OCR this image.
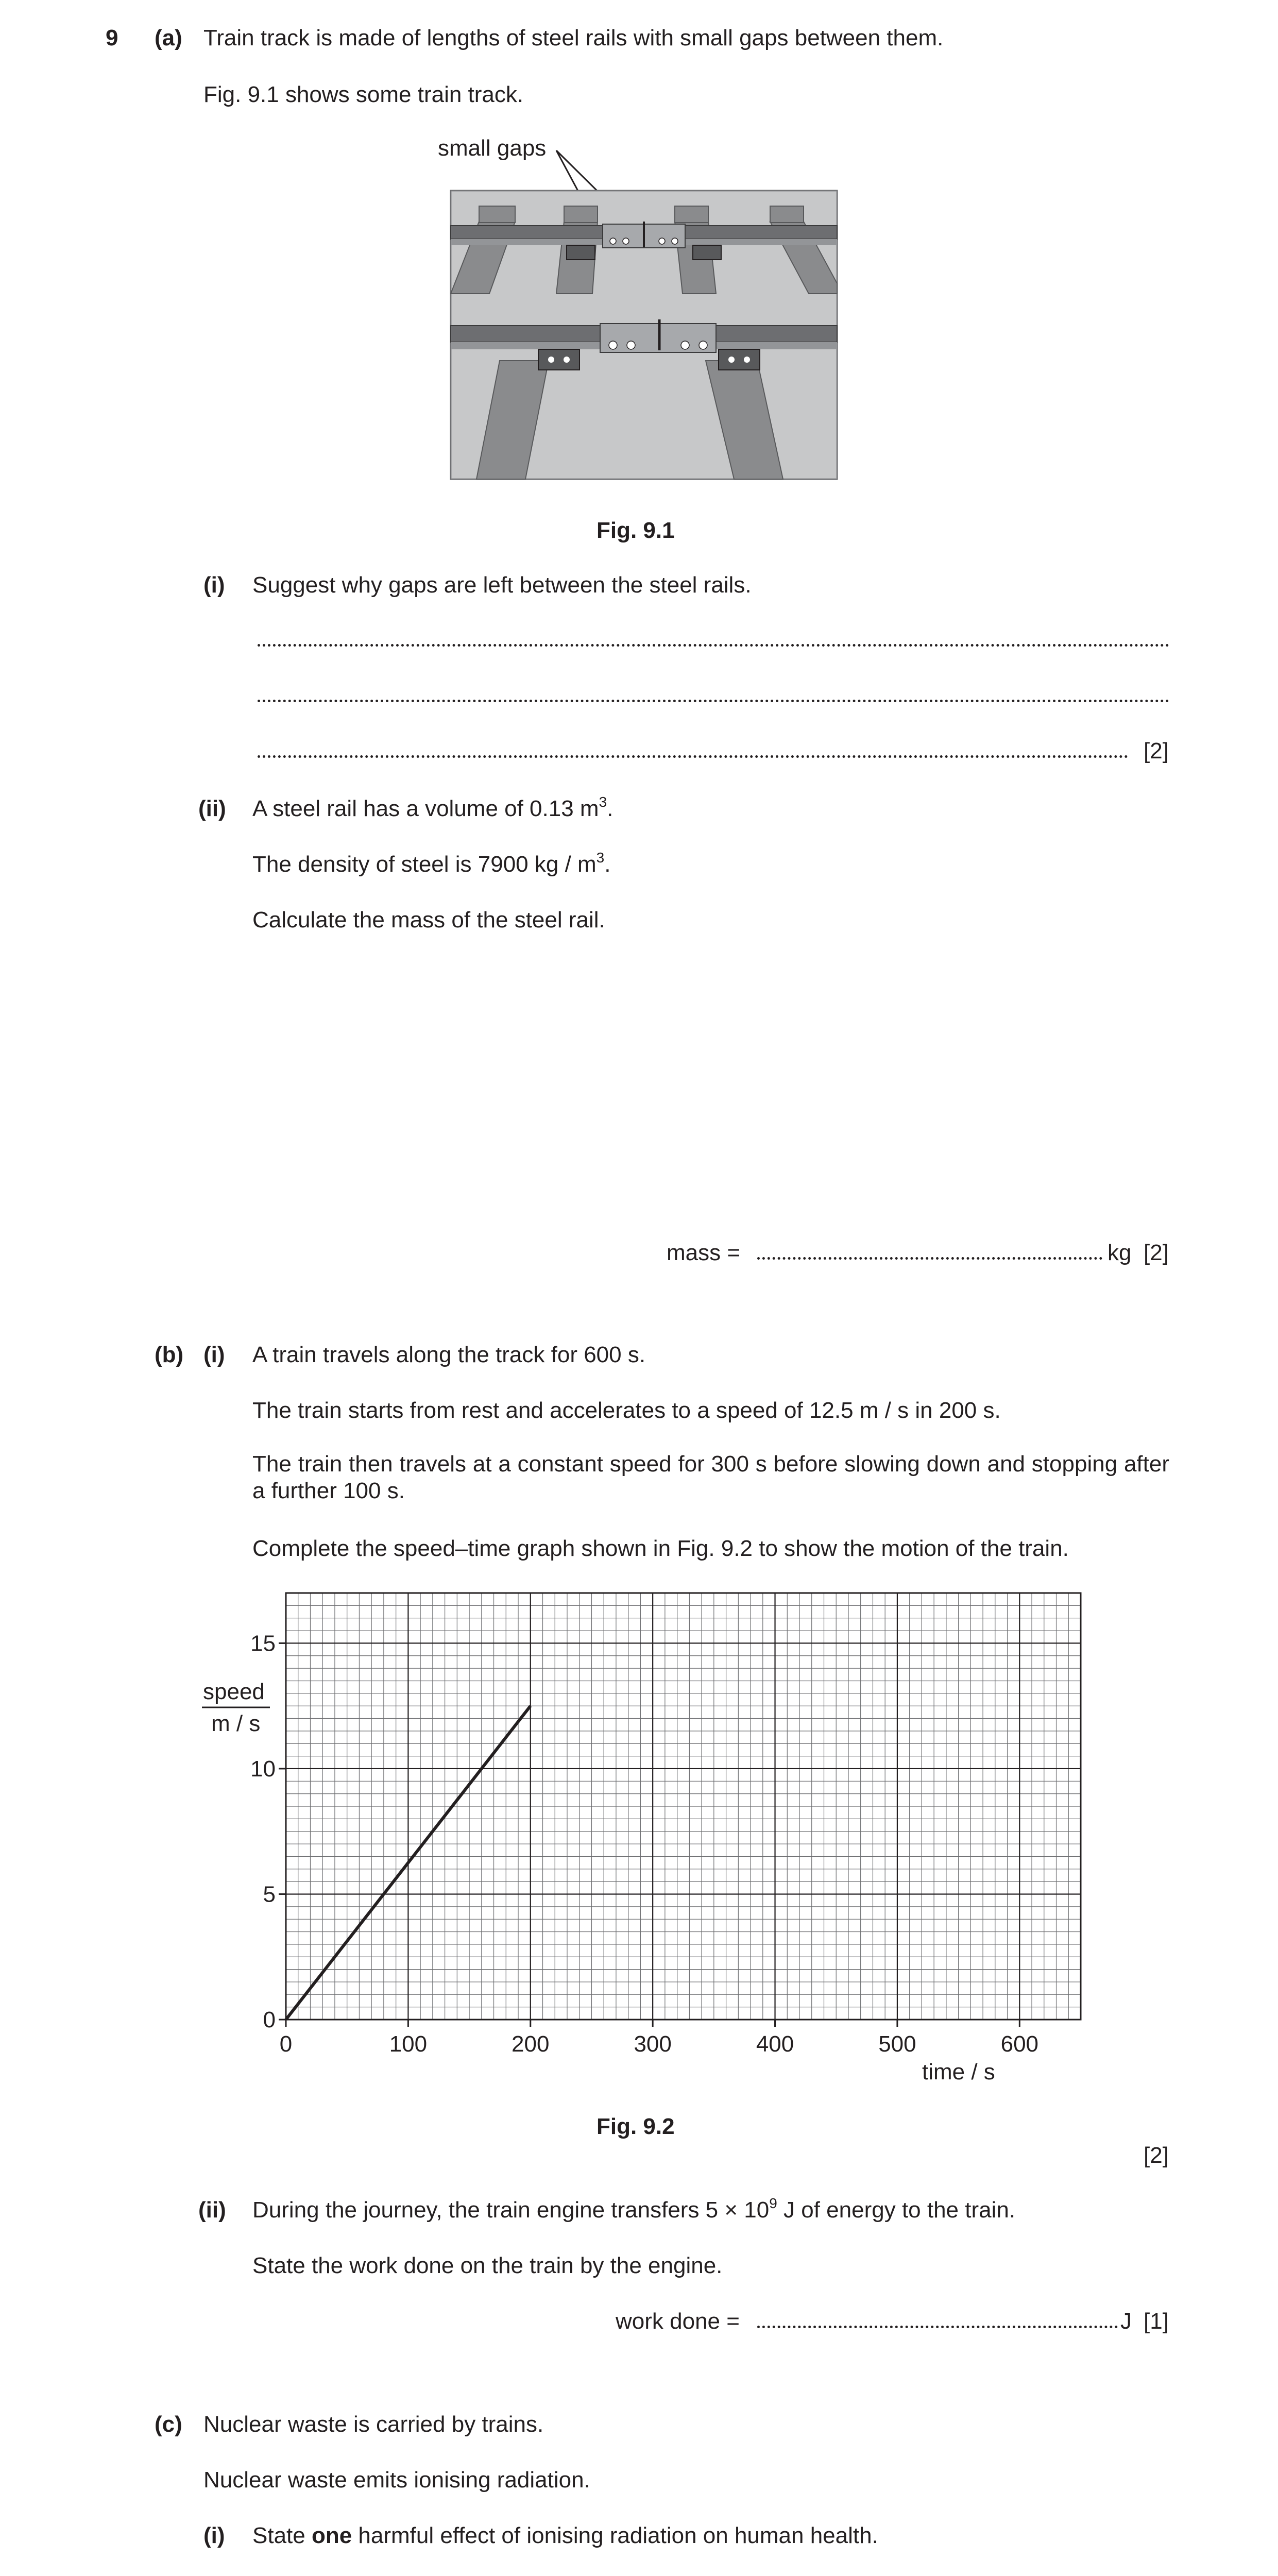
9 (a) Train track is made of lengths of steel rails with small gaps between them.
Fig. 9.1 shows some train track.
small gaps
Fig. 9.1
(i) Suggest why gaps are left between the steel rails.
[2]
(ii) A steel rail has a volume of 0.13 $m^3$.
The density of steel is 7900 kg / $m^3$.
Calculate the mass of the steel rail.
mass =	kg [2]
(b) (i) A train travels along the track for 600 s.
The train starts from rest and accelerates to a speed of 12.5 m / s in 200 s.
The train then travels at a constant speed for 300 s before slowing down and stopping after a further 100 s.
Complete the speed–time graph shown in Fig. 9.2 to show the motion of the train.
0	100	200	300	400	500	600
0
5
10
15
speed
m / s
time / s
Fig. 9.2
[2]
(ii) During the journey, the train engine transfers $5 \times 10^9$ J of energy to the train.
State the work done on the train by the engine.
work done =	J [1]
(c) Nuclear waste is carried by trains.
Nuclear waste emits ionising radiation.
(i) State one harmful effect of ionising radiation on human health.
